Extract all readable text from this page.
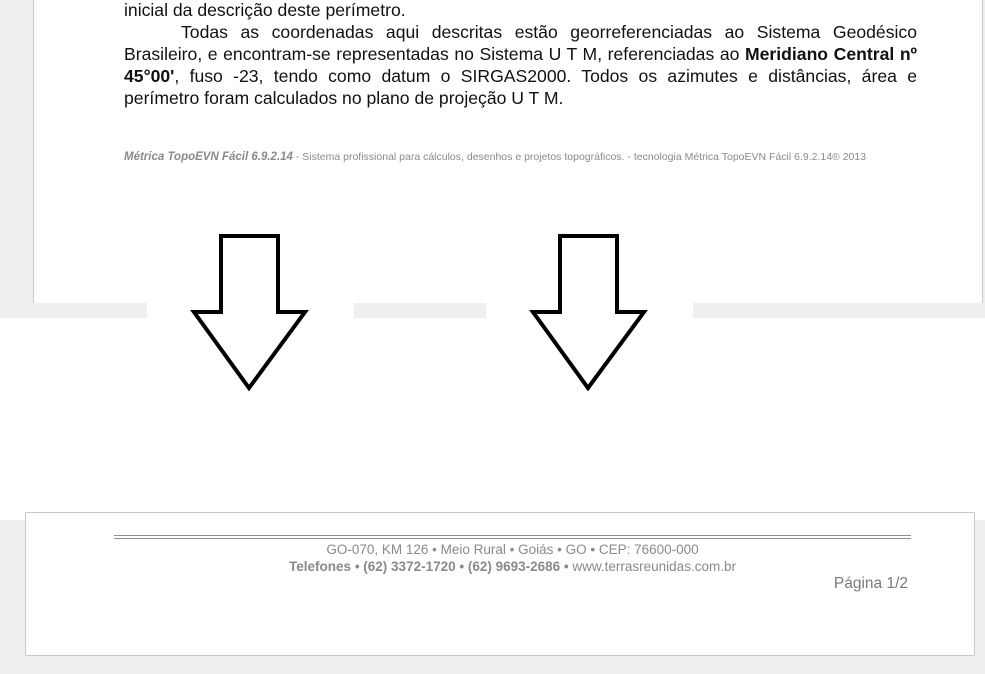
inicial da descrição deste perímetro.

Todas as coordenadas aqui descritas estão georreferenciadas ao Sistema Geodésico Brasileiro, e encontram-se representadas no Sistema U T M, referenciadas ao Meridiano Central nº 45°00', fuso -23, tendo como datum o SIRGAS2000. Todos os azimutes e distâncias, área e perímetro foram calculados no plano de projeção U T M.

Métrica TopoEVN Fácil 6.9.2.14 - Sistema profissional para cálculos, desenhos e projetos topográficos. - tecnologia Métrica TopoEVN Fácil 6.9.2.14® 2013
GO-070, KM 126 • Meio Rural • Goiás • GO • CEP: 76600-000
Telefones • (62) 3372-1720 • (62) 9693-2686 • www.terrasreunidas.com.br
Página 1/2
